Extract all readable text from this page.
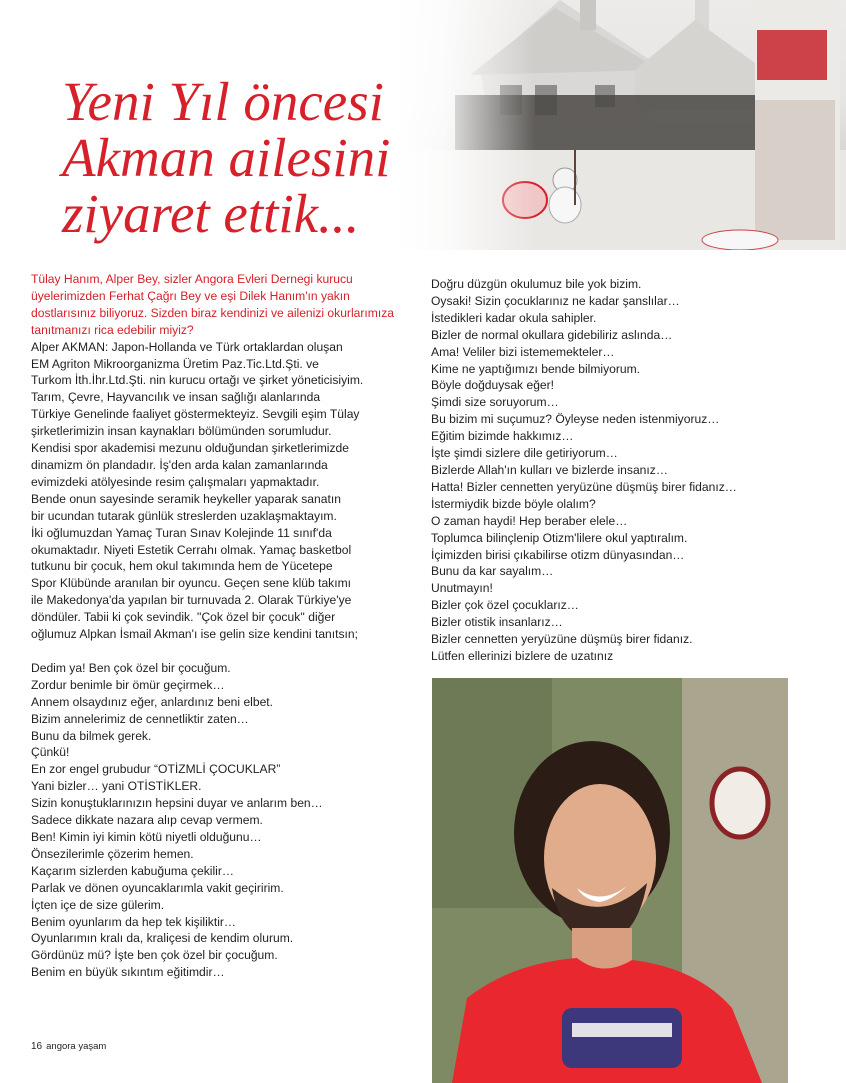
Yeni Yıl öncesi
Akman ailesini
ziyaret ettik...

Tülay Hanım, Alper Bey, sizler Angora Evleri Dernegi kurucu üyelerimizden Ferhat Çağrı Bey ve eşi Dilek Hanım'ın yakın dostlarısınız biliyoruz. Sizden biraz kendinizi ve ailenizi okurlarımıza tanıtmanızı rica edebilir miyiz?

Alper AKMAN: Japon-Hollanda ve Türk ortaklardan oluşan

EM Agriton Mikroorganizma Üretim Paz.Tic.Ltd.Şti. ve

Turkom İth.İhr.Ltd.Şti. nin kurucu ortağı ve şirket yöneticisiyim.

Tarım, Çevre, Hayvancılık ve insan sağlığı alanlarında

Türkiye Genelinde faaliyet göstermekteyiz. Sevgili eşim Tülay

şirketlerimizin insan kaynakları bölümünden sorumludur.

Kendisi spor akademisi mezunu olduğundan şirketlerimizde

dinamizm ön plandadır. İş'den arda kalan zamanlarında

evimizdeki atölyesinde resim çalışmaları yapmaktadır.

Bende onun sayesinde seramik heykeller yaparak sanatın

bir ucundan tutarak günlük streslerden uzaklaşmaktayım.

İki oğlumuzdan Yamaç Turan Sınav Kolejinde 11 sınıf'da

okumaktadır. Niyeti Estetik Cerrahı olmak. Yamaç basketbol

tutkunu bir çocuk, hem okul takımında hem de Yücetepe

Spor Klübünde aranılan bir oyuncu. Geçen sene klüb takımı

ile Makedonya'da yapılan bir turnuvada 2. Olarak Türkiye'ye

döndüler. Tabii ki çok sevindik. ''Çok özel bir çocuk'' diğer

oğlumuz Alpkan İsmail Akman'ı ise gelin size kendini tanıtsın;

Dedim ya! Ben çok özel bir çocuğum.

Zordur benimle bir ömür geçirmek…

Annem olsaydınız eğer, anlardınız beni elbet.

Bizim annelerimiz de cennetliktir zaten…

Bunu da bilmek gerek.

Çünkü!

En zor engel grubudur “OTİZMLİ ÇOCUKLAR”

Yani bizler… yani OTİSTİKLER.

Sizin konuştuklarınızın hepsini duyar ve anlarım ben…

Sadece dikkate nazara alıp cevap vermem.

Ben! Kimin iyi kimin kötü niyetli olduğunu…

Önsezilerimle çözerim hemen.

Kaçarım sizlerden kabuğuma çekilir…

Parlak ve dönen oyuncaklarımla vakit geçiririm.

İçten içe de size gülerim.

Benim oyunlarım da hep tek kişiliktir…

Oyunlarımın kralı da, kraliçesi de kendim olurum.

Gördünüz mü? İşte ben çok özel bir çocuğum.

Benim en büyük sıkıntım eğitimdir…

Doğru düzgün okulumuz bile yok bizim.

Oysaki! Sizin çocuklarınız ne kadar şanslılar…

İstedikleri kadar okula sahipler.

Bizler de normal okullara gidebiliriz aslında…

Ama! Veliler bizi istememekteler…

Kime ne yaptığımızı bende bilmiyorum.

Böyle doğduysak eğer!

Şimdi size soruyorum…

Bu bizim mi suçumuz? Öyleyse neden istenmiyoruz…

Eğitim bizimde hakkımız…

İşte şimdi sizlere dile getiriyorum…

Bizlerde Allah'ın kulları ve bizlerde insanız…

Hatta! Bizler cennetten yeryüzüne düşmüş birer fidanız…

İstermiydik bizde böyle olalım?

O zaman haydi! Hep beraber elele…

Toplumca bilinçlenip Otizm'lilere okul yaptıralım.

İçimizden birisi çıkabilirse otizm dünyasından…

Bunu da kar sayalım…

Unutmayın!

Bizler çok özel çocuklarız…

Bizler otistik insanlarız…

Bizler cennetten yeryüzüne düşmüş birer fidanız.

Lütfen ellerinizi bizlere de uzatınız

16 angora yaşam
